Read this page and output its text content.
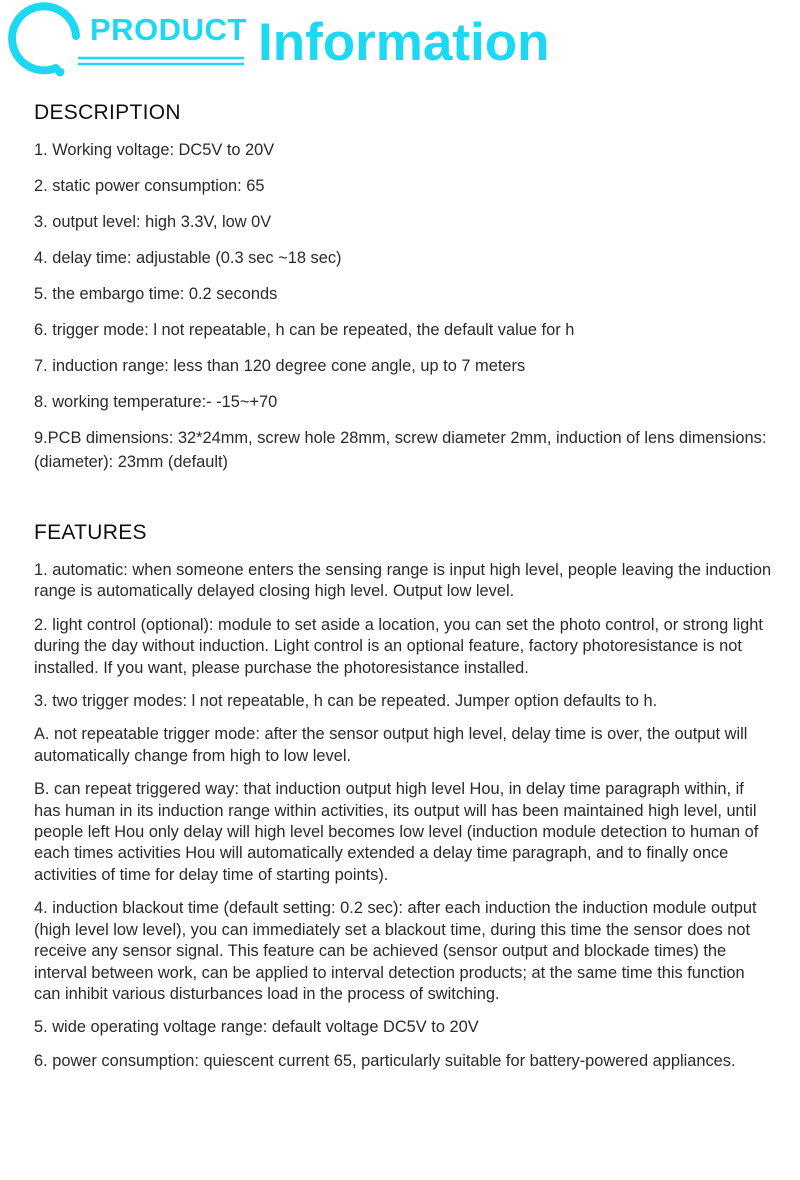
PRODUCT Information
DESCRIPTION
1. Working voltage: DC5V to 20V
2. static power consumption: 65
3. output level: high 3.3V, low 0V
4. delay time: adjustable (0.3 sec ~18 sec)
5. the embargo time: 0.2 seconds
6. trigger mode: l not repeatable, h can be repeated, the default value for h
7. induction range: less than 120 degree cone angle, up to 7 meters
8. working temperature:- -15~+70
9.PCB dimensions: 32*24mm, screw hole 28mm, screw diameter 2mm, induction of lens dimensions: (diameter): 23mm (default)
FEATURES
1. automatic: when someone enters the sensing range is input high level, people leaving the induction range is automatically delayed closing high level. Output low level.
2. light control (optional): module to set aside a location, you can set the photo control, or strong light during the day without induction. Light control is an optional feature, factory photoresistance is not installed. If you want, please purchase the photoresistance installed.
3. two trigger modes: l not repeatable, h can be repeated. Jumper option defaults to h.
A. not repeatable trigger mode: after the sensor output high level, delay time is over, the output will automatically change from high to low level.
B. can repeat triggered way: that induction output high level Hou, in delay time paragraph within, if has human in its induction range within activities, its output will has been maintained high level, until people left Hou only delay will high level becomes low level (induction module detection to human of each times activities Hou will automatically extended a delay time paragraph, and to finally once activities of time for delay time of starting points).
4. induction blackout time (default setting: 0.2 sec): after each induction the induction module output (high level low level), you can immediately set a blackout time, during this time the sensor does not receive any sensor signal. This feature can be achieved (sensor output and blockade times) the interval between work, can be applied to interval detection products; at the same time this function can inhibit various disturbances load in the process of switching.
5. wide operating voltage range: default voltage DC5V to 20V
6. power consumption: quiescent current 65, particularly suitable for battery-powered appliances.
